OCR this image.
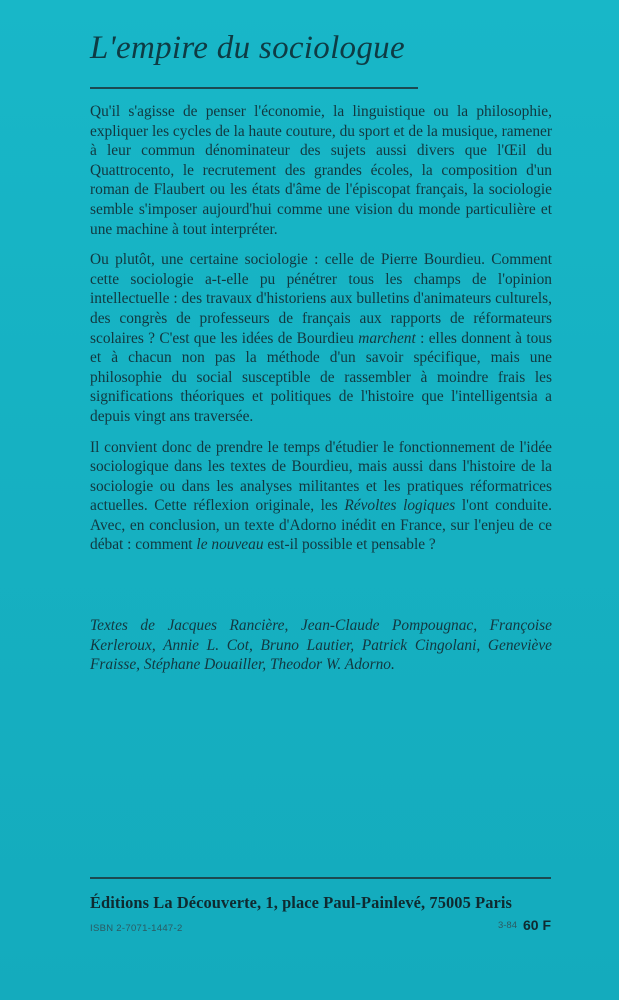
L'empire du sociologue

Qu'il s'agisse de penser l'économie, la linguistique ou la philosophie, expliquer les cycles de la haute couture, du sport et de la musique, ramener à leur commun dénominateur des sujets aussi divers que l'Œil du Quattrocento, le recrutement des grandes écoles, la composition d'un roman de Flaubert ou les états d'âme de l'épiscopat français, la sociologie semble s'imposer aujourd'hui comme une vision du monde particulière et une machine à tout interpréter.

Ou plutôt, une certaine sociologie : celle de Pierre Bourdieu. Comment cette sociologie a-t-elle pu pénétrer tous les champs de l'opinion intellectuelle : des travaux d'historiens aux bulletins d'animateurs culturels, des congrès de professeurs de français aux rapports de réformateurs scolaires ? C'est que les idées de Bourdieu marchent : elles donnent à tous et à chacun non pas la méthode d'un savoir spécifique, mais une philosophie du social susceptible de rassembler à moindre frais les significations théoriques et politiques de l'histoire que l'intelligentsia a depuis vingt ans traversée.

Il convient donc de prendre le temps d'étudier le fonctionnement de l'idée sociologique dans les textes de Bourdieu, mais aussi dans l'histoire de la sociologie ou dans les analyses militantes et les pratiques réformatrices actuelles. Cette réflexion originale, les Révoltes logiques l'ont conduite. Avec, en conclusion, un texte d'Adorno inédit en France, sur l'enjeu de ce débat : comment le nouveau est-il possible et pensable ?

Textes de Jacques Rancière, Jean-Claude Pompougnac, Françoise Kerleroux, Annie L. Cot, Bruno Lautier, Patrick Cingolani, Geneviève Fraisse, Stéphane Douailler, Theodor W. Adorno.
Éditions La Découverte, 1, place Paul-Painlevé, 75005 Paris
ISBN 2-7071-1447-2	3-84 60 F
